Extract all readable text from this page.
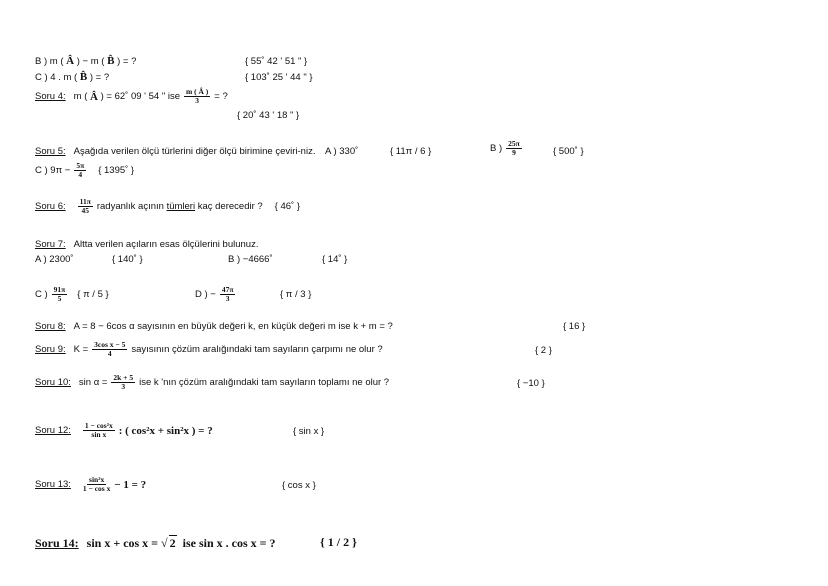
B ) m (
Â
) − m (
B̂
) = ?	{ 55˚ 42 ' 51 " }
C ) 4 . m (
B̂
) = ?	{ 103˚ 25 ' 44 " }
Soru 4: m (
Â
) = 62˚ 09 ' 54 " ise $\frac{m ( Â )}{3}$ = ?
{ 20˚ 43 ' 18 " }
Soru 5: Aşağıda verilen ölçü türlerini diğer ölçü birimine çeviri-niz. A ) 330˚	{ 11π / 6 }	B ) $\frac{25\pi}{9}$	{ 500˚ }
C ) $9\pi - \frac{5\pi}{4}$ { 1395˚ }
Soru 6: $\frac{11\pi}{45}$ radyanlık açının
tümleri
kaç derecedir ? { 46˚ }
Soru 7: Altta verilen açıların esas ölçülerini bulunuz.
A ) 2300˚	{ 140˚ }	B ) −4666˚	{ 14˚ }
C ) $\frac{91\pi}{5}$ { π / 5 }	D ) − $\frac{47\pi}{3}$	{ π / 3 }
Soru 8: A = 8 − 6cos α sayısının en büyük değeri k, en küçük değeri m ise k + m = ?	{ 16 }
Soru 9: $K = \frac{\text{3cos x − 5}}{4}$ sayısının çözüm aralığındaki tam sayıların çarpımı ne olur ?	{ 2 }
Soru 10: $\sin \alpha = \frac{2k + 5}{3}$ ise k 'nın çözüm aralığındaki tam sayıların toplamı ne olur ?	{ −10 }
Soru 12: $\frac{\text{1 − cos²x}}{\text{sin x}}$ : ( cos²x + sin²x ) = ?	{ sin x }
Soru 13: $\frac{\text{sin²x}}{\text{1 − cos x}} - 1$ = ?	{ cos x }
Soru 14: sin x + cos x =
√ 2
ise sin x . cos x = ?	{ 1 / 2 }
